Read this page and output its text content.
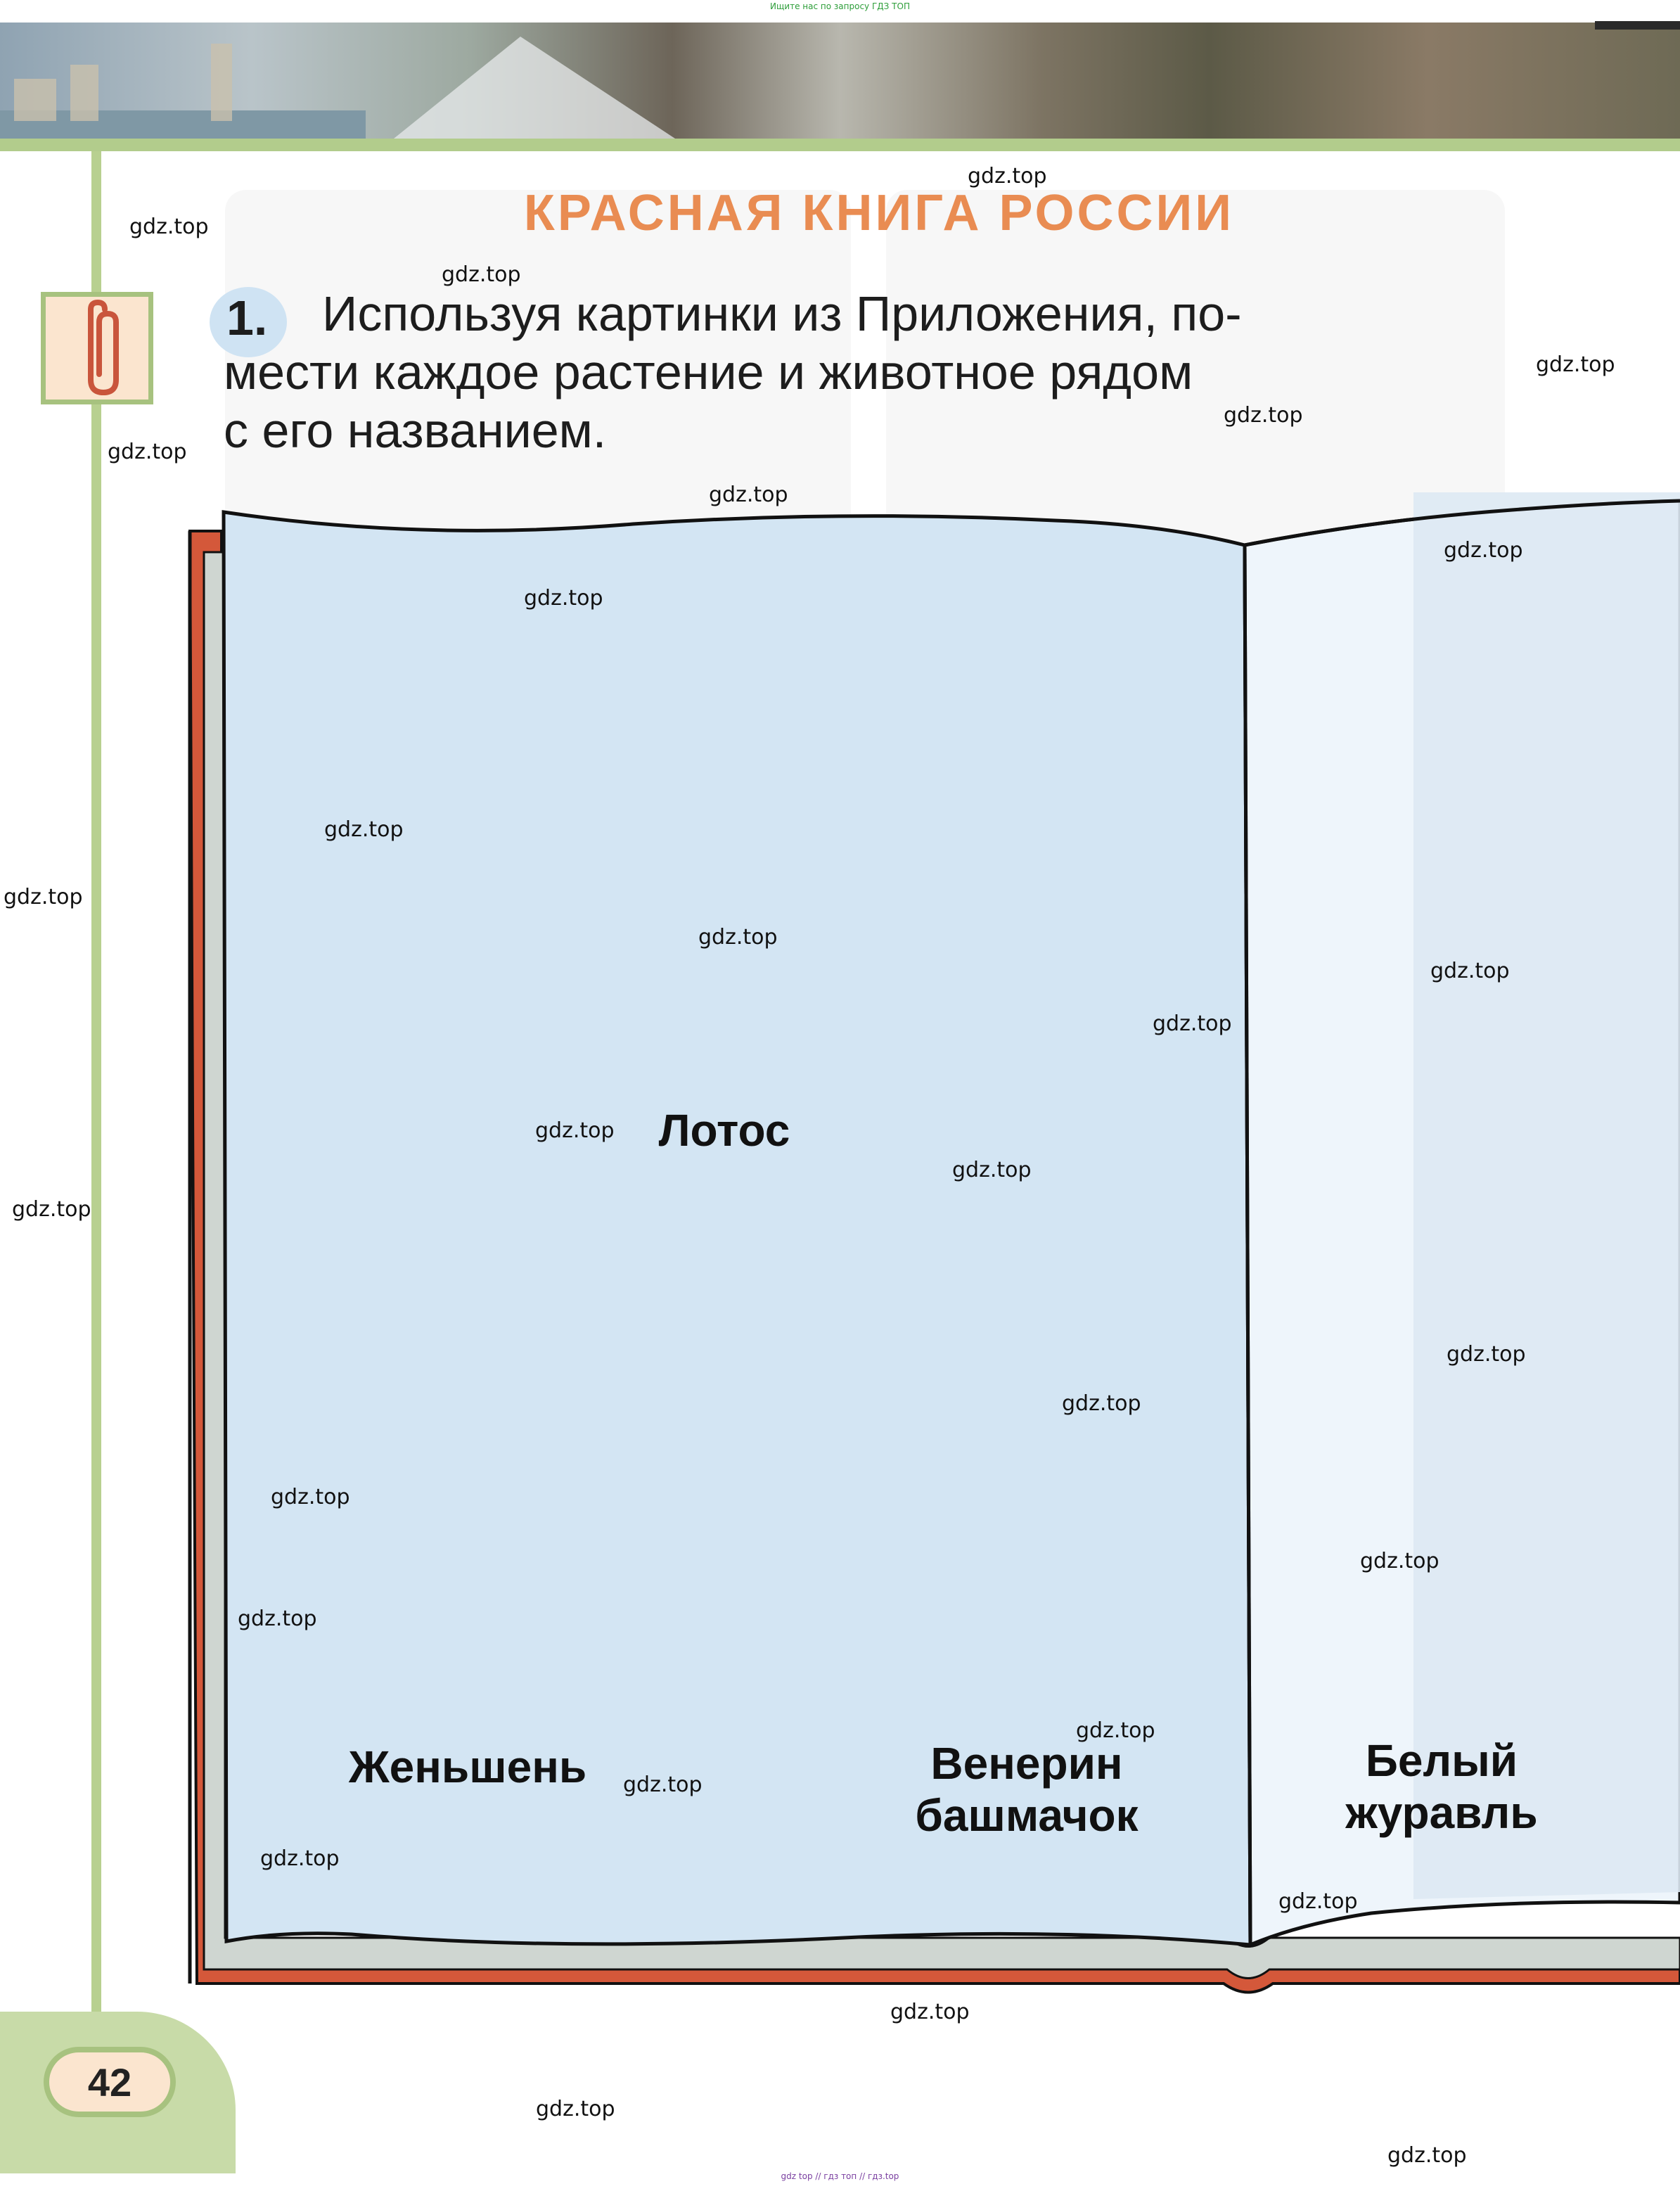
Ищите нас по запросу ГДЗ ТОП
КРАСНАЯ КНИГА РОССИИ
1.	Используя картинки из Приложения, по-
мести каждое растение и животное рядом
с его названием.
Лотос
Женьшень	Венерин
башмачок
Белый
журавль
42
gdz.top
gdz.top
gdz.top
gdz.top
gdz.top
gdz.top
gdz.top
gdz.top
gdz.top
gdz.top
gdz.top
gdz.top
gdz.top
gdz.top
gdz.top
gdz.top
gdz.top
gdz.top
gdz.top
gdz.top
gdz.top
gdz.top
gdz.top
gdz.top
gdz.top
gdz.top
gdz.top
gdz.top
gdz.top
gdz top // гдз топ // гдз.top
